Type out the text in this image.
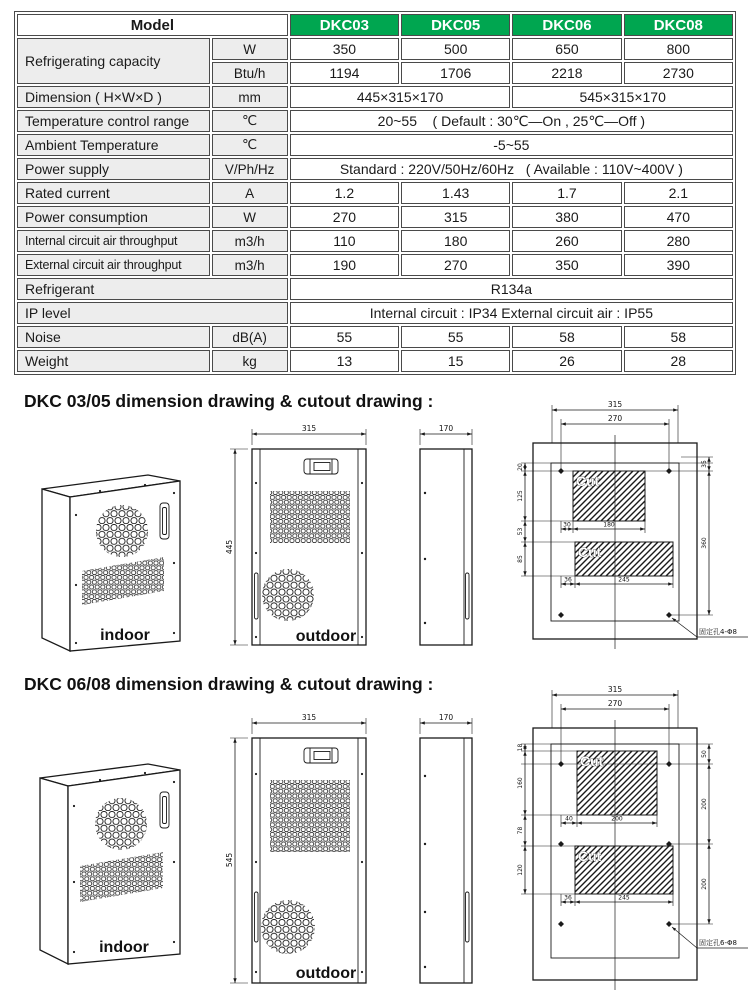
Model		DKC03	DKC05	DKC06	DKC08
Refrigerating capacity	W	350	500	650	800
	Btu/h	1194	1706	2218	2730
Dimension ( H×W×D )	mm	445×315×170		545×315×170	
Temperature control range	℃	20~55    ( Default : 30℃—On , 25℃—Off )			
Ambient Temperature	℃	-5~55			
Power supply	V/Ph/Hz	Standard : 220V/50Hz/60Hz   ( Available : 110V~400V )			
Rated current	A	1.2	1.43	1.7	2.1
Power consumption	W	270	315	380	470
Internal circuit air throughput	m3/h	110	180	260	280
External circuit air throughput	m3/h	190	270	350	390
Refrigerant		R134a			
IP level		Internal circuit : IP34 External circuit air : IP55			
Noise	dB(A)	55	55	58	58
Weight	kg	13	15	26	28
DKC 03/05 dimension drawing & cutout drawing :
indoor
315
445
outdoor
170
315
270
20
125
53
85
35
360
Cut
30	180
Cut
36	245
固定孔4-Φ8
DKC 06/08 dimension drawing & cutout drawing :
indoor
315
545
outdoor
170
315
270
18
160
78
120
50
200
200
Cut
40	200
Cut
36	245
固定孔6-Φ8
